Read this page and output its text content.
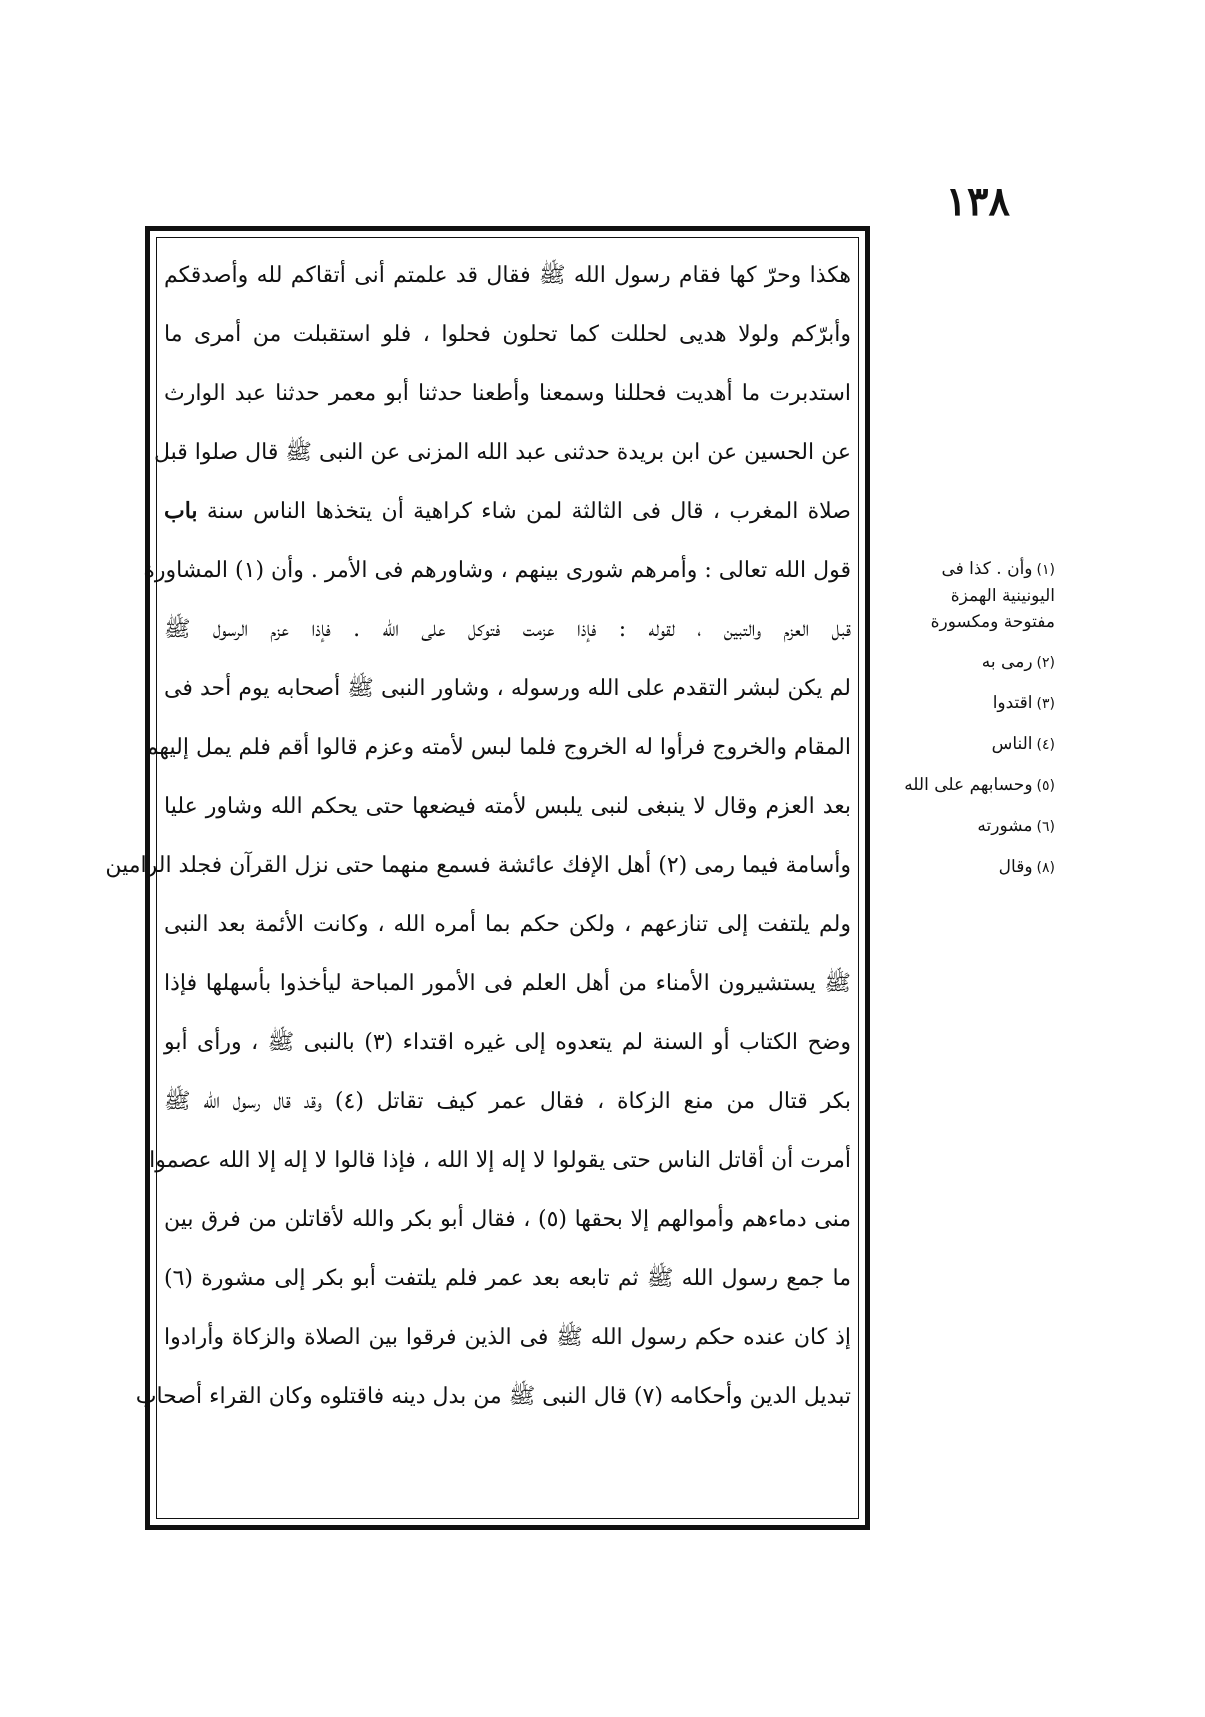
١٣٨
هكذا وحرّ كها فقام رسول الله ﷺ فقال قد علمتم أنى أتقاكم لله وأصدقكم
وأبرّكم ولولا هديى لحللت كما تحلون فحلوا ، فلو استقبلت من أمرى ما
استدبرت ما أهديت فحللنا وسمعنا وأطعنا حدثنا أبو معمر حدثنا عبد الوارث
عن الحسين عن ابن بريدة حدثنى عبد الله المزنى عن النبى ﷺ قال صلوا قبل
صلاة المغرب ، قال فى الثالثة لمن شاء كراهية أن يتخذها الناس سنة باب
قول الله تعالى : وأمرهم شورى بينهم ، وشاورهم فى الأمر . وأن (١) المشاورة
قبل العزم والتبين ، لقوله : فإذا عزمت فتوكل على الله . فإذا عزم الرسول ﷺ
لم يكن لبشر التقدم على الله ورسوله ، وشاور النبى ﷺ أصحابه يوم أحد فى
المقام والخروج فرأوا له الخروج فلما لبس لأمته وعزم قالوا أقم فلم يمل إليهم
بعد العزم وقال لا ينبغى لنبى يلبس لأمته فيضعها حتى يحكم الله وشاور عليا
وأسامة فيما رمى (٢) أهل الإفك عائشة فسمع منهما حتى نزل القرآن فجلد الرامين
ولم يلتفت إلى تنازعهم ، ولكن حكم بما أمره الله ، وكانت الأئمة بعد النبى
ﷺ يستشيرون الأمناء من أهل العلم فى الأمور المباحة ليأخذوا بأسهلها فإذا
وضح الكتاب أو السنة لم يتعدوه إلى غيره اقتداء (٣) بالنبى ﷺ ، ورأى أبو
بكر قتال من منع الزكاة ، فقال عمر كيف تقاتل (٤) وقد قال رسول الله ﷺ
أمرت أن أقاتل الناس حتى يقولوا لا إله إلا الله ، فإذا قالوا لا إله إلا الله عصموا
منى دماءهم وأموالهم إلا بحقها (٥) ، فقال أبو بكر والله لأقاتلن من فرق بين
ما جمع رسول الله ﷺ ثم تابعه بعد عمر فلم يلتفت أبو بكر إلى مشورة (٦)
إذ كان عنده حكم رسول الله ﷺ فى الذين فرقوا بين الصلاة والزكاة وأرادوا
تبديل الدين وأحكامه (٧) قال النبى ﷺ من بدل دينه فاقتلوه وكان القراء أصحاب

(١)وأن . كذا فى اليونينية الهمزة مفتوحة ومكسورة

(٢)رمى به

(٣)اقتدوا

(٤)الناس

(٥)وحسابهم على الله

(٦)مشورته

(٨)وقال
